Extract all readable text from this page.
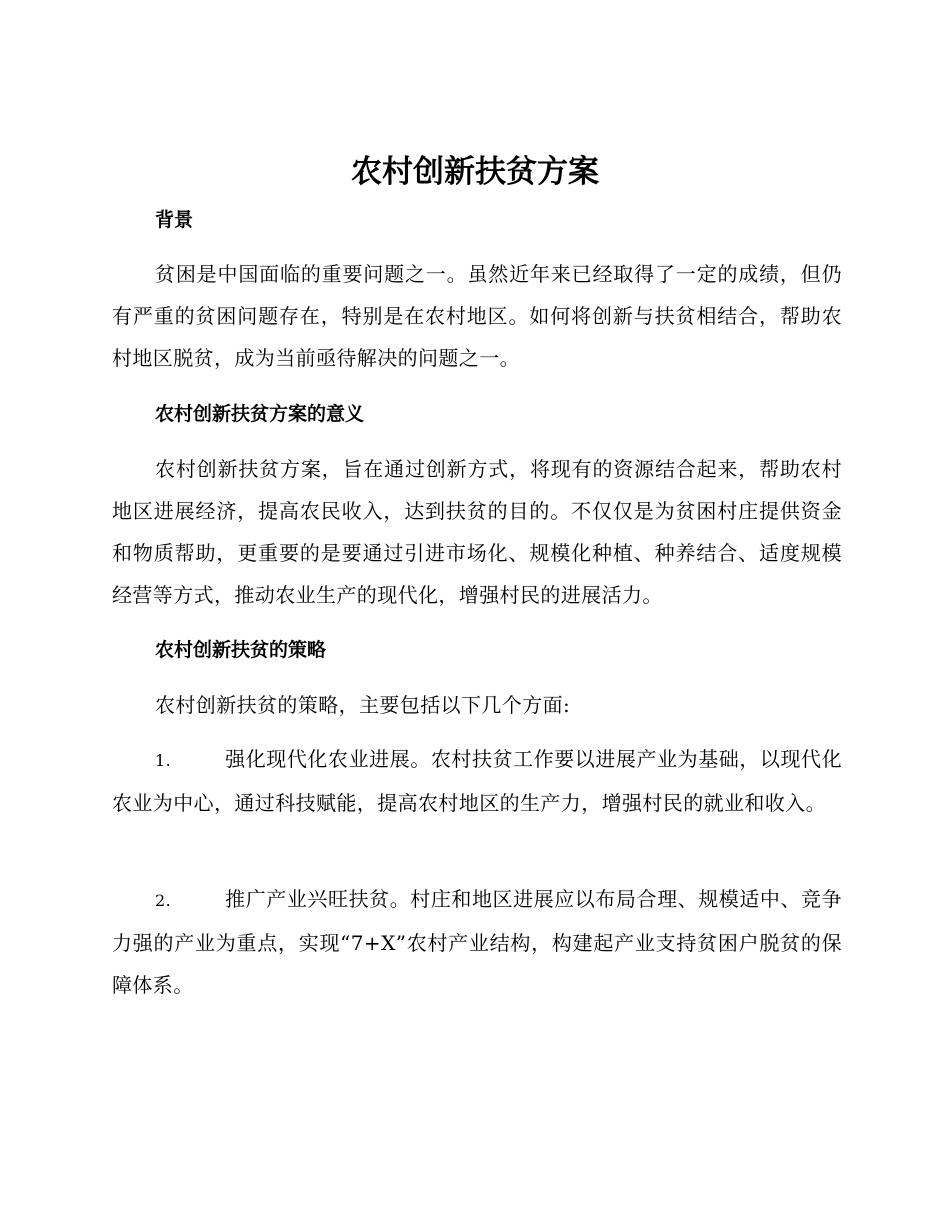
农村创新扶贫方案
背景

贫困是中国面临的重要问题之一。虽然近年来已经取得了一定的成绩，但仍有严重的贫困问题存在，特别是在农村地区。如何将创新与扶贫相结合，帮助农村地区脱贫，成为当前亟待解决的问题之一。

农村创新扶贫方案的意义

农村创新扶贫方案，旨在通过创新方式，将现有的资源结合起来，帮助农村地区进展经济，提高农民收入，达到扶贫的目的。不仅仅是为贫困村庄提供资金和物质帮助，更重要的是要通过引进市场化、规模化种植、种养结合、适度规模经营等方式，推动农业生产的现代化，增强村民的进展活力。

农村创新扶贫的策略

农村创新扶贫的策略，主要包括以下几个方面:

1.	强化现代化农业进展。农村扶贫工作要以进展产业为基础，以现代化农业为中心，通过科技赋能，提高农村地区的生产力，增强村民的就业和收入。

2.	推广产业兴旺扶贫。村庄和地区进展应以布局合理、规模适中、竞争力强的产业为重点，实现“7+X”农村产业结构，构建起产业支持贫困户脱贫的保障体系。
